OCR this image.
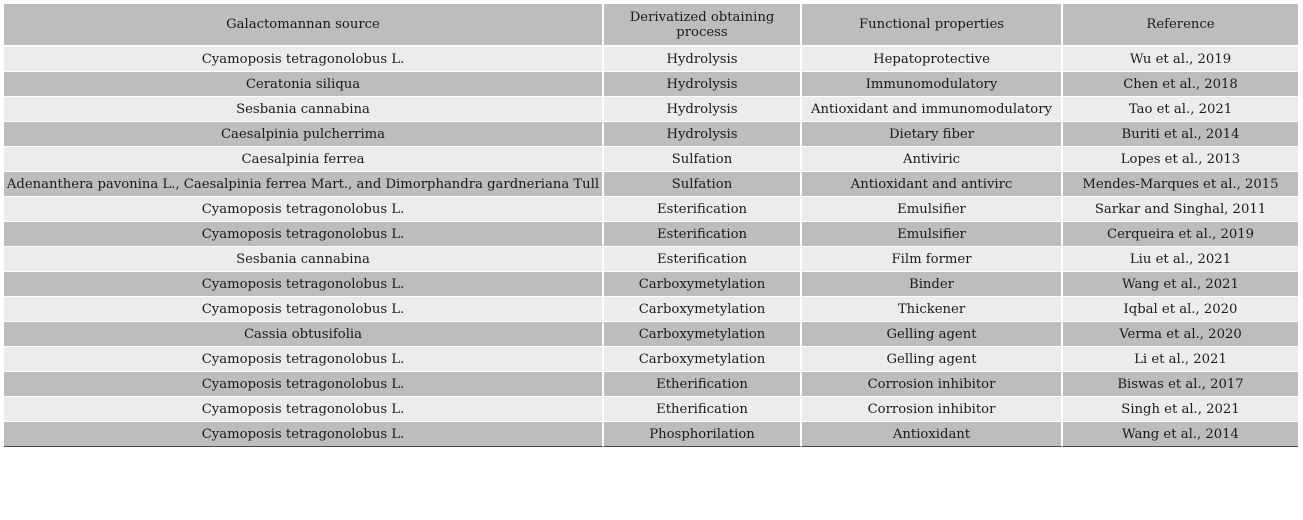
Galactomannan source	Derivatized obtaining process	Functional properties	Reference
Cyamoposis tetragonolobus L.	Hydrolysis	Hepatoprotective	Wu et al., 2019
Ceratonia siliqua	Hydrolysis	Immunomodulatory	Chen et al., 2018
Sesbania cannabina	Hydrolysis	Antioxidant and immunomodulatory	Tao et al., 2021
Caesalpinia pulcherrima	Hydrolysis	Dietary fiber	Buriti et al., 2014
Caesalpinia ferrea	Sulfation	Antiviric	Lopes et al., 2013
Adenanthera pavonina L., Caesalpinia ferrea Mart., and Dimorphandra gardneriana Tull	Sulfation	Antioxidant and antivirc	Mendes-Marques et al., 2015
Cyamoposis tetragonolobus L.	Esterification	Emulsifier	Sarkar and Singhal, 2011
Cyamoposis tetragonolobus L.	Esterification	Emulsifier	Cerqueira et al., 2019
Sesbania cannabina	Esterification	Film former	Liu et al., 2021
Cyamoposis tetragonolobus L.	Carboxymetylation	Binder	Wang et al., 2021
Cyamoposis tetragonolobus L.	Carboxymetylation	Thickener	Iqbal et al., 2020
Cassia obtusifolia	Carboxymetylation	Gelling agent	Verma et al., 2020
Cyamoposis tetragonolobus L.	Carboxymetylation	Gelling agent	Li et al., 2021
Cyamoposis tetragonolobus L.	Etherification	Corrosion inhibitor	Biswas et al., 2017
Cyamoposis tetragonolobus L.	Etherification	Corrosion inhibitor	Singh et al., 2021
Cyamoposis tetragonolobus L.	Phosphorilation	Antioxidant	Wang et al., 2014
